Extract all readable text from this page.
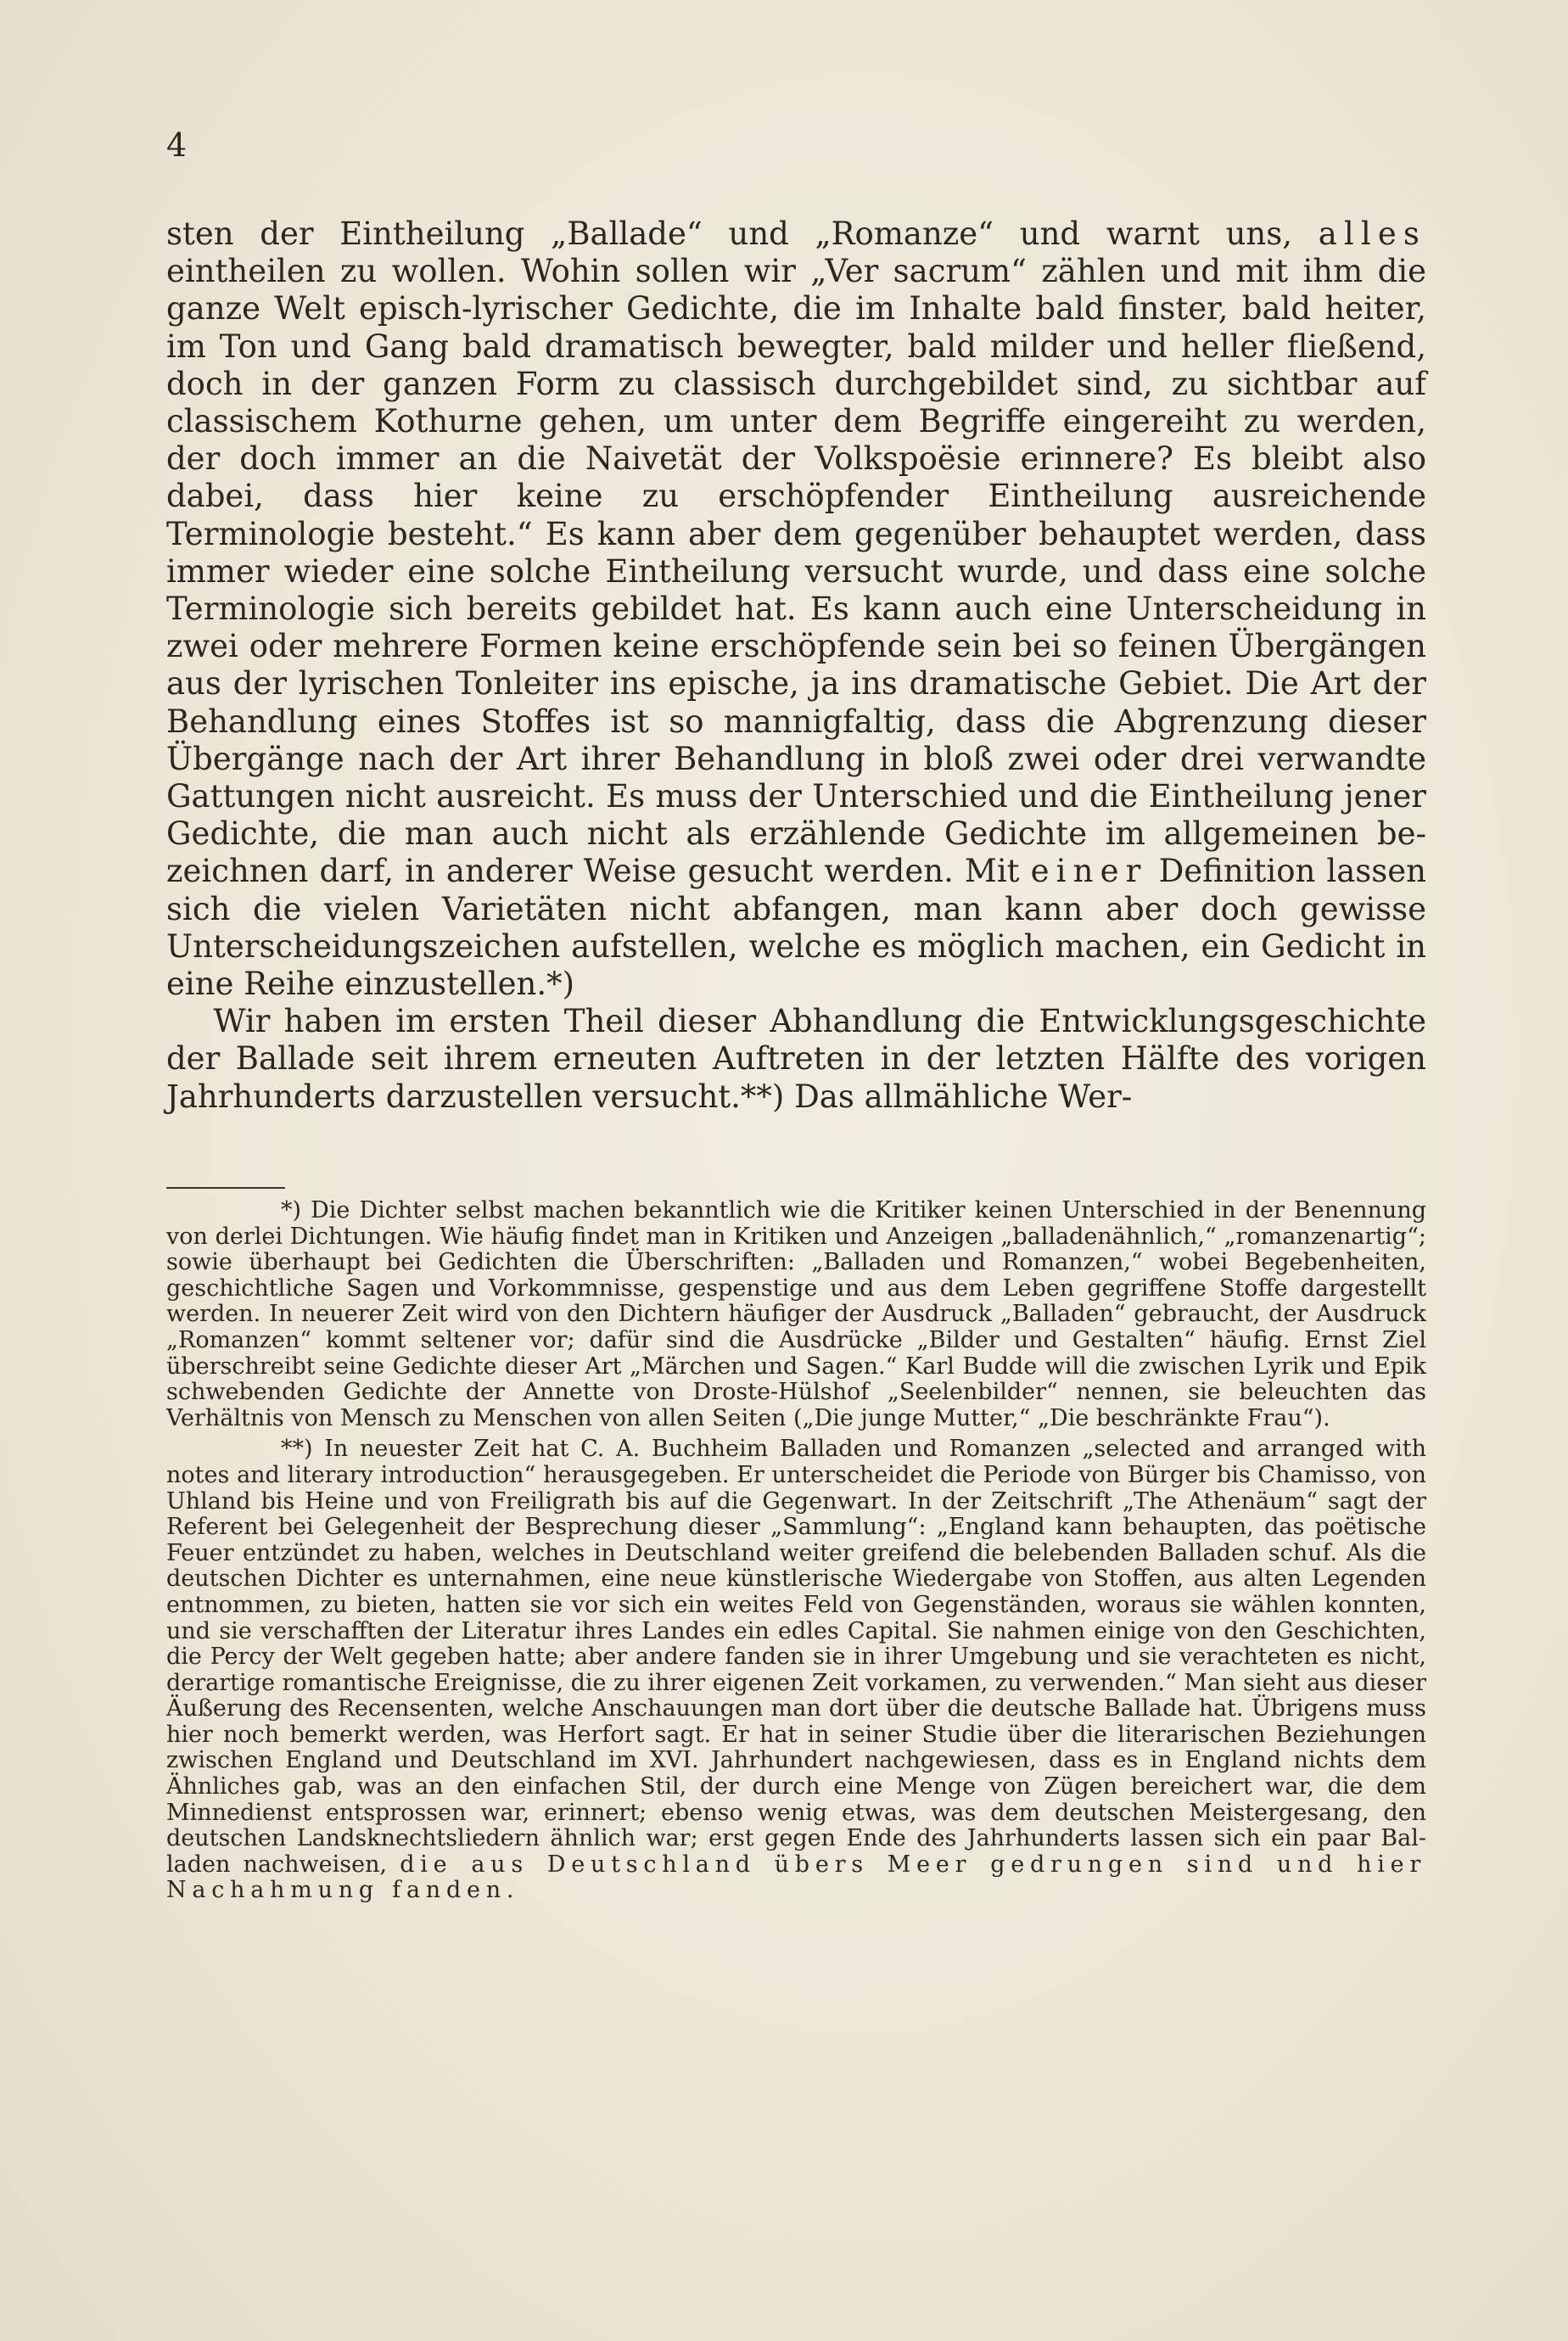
4

sten der Eintheilung „Ballade“ und „Romanze“ und warnt uns, alles eintheilen zu wollen. Wohin sollen wir „Ver sacrum“ zählen und mit ihm die ganze Welt episch-lyrischer Gedichte, die im Inhalte bald finster, bald heiter, im Ton und Gang bald dramatisch bewegter, bald milder und heller fließend, doch in der ganzen Form zu classisch durchgebildet sind, zu sichtbar auf classischem Kothurne gehen, um unter dem Begriffe eingereiht zu werden, der doch immer an die Naivetät der Volkspoësie erinnere? Es bleibt also dabei, dass hier keine zu erschöpfender Eintheilung ausreichende Terminologie besteht.“ Es kann aber dem gegenüber behauptet werden, dass immer wieder eine solche Eintheilung versucht wurde, und dass eine solche Terminologie sich bereits gebildet hat. Es kann auch eine Unterscheidung in zwei oder mehrere Formen keine erschöpfende sein bei so feinen Übergängen aus der lyrischen Tonleiter ins epische, ja ins dramatische Gebiet. Die Art der Behandlung eines Stoffes ist so mannigfaltig, dass die Abgrenzung dieser Übergänge nach der Art ihrer Behandlung in bloß zwei oder drei verwandte Gattungen nicht ausreicht. Es muss der Unterschied und die Eintheilung jener Gedichte, die man auch nicht als erzählende Gedichte im allgemeinen bezeichnen darf, in anderer Weise gesucht werden. Mit einer Definition lassen sich die vielen Varietäten nicht abfangen, man kann aber doch gewisse Unterscheidungszeichen aufstellen, welche es möglich machen, ein Gedicht in eine Reihe einzustellen.*)

Wir haben im ersten Theil dieser Abhandlung die Entwicklungsgeschichte der Ballade seit ihrem erneuten Auftreten in der letzten Hälfte des vorigen Jahrhunderts darzustellen versucht.**) Das allmähliche Wer-

*) Die Dichter selbst machen bekanntlich wie die Kritiker keinen Unterschied in der Benennung von derlei Dichtungen. Wie häufig findet man in Kritiken und Anzeigen „balladenähnlich,“ „romanzenartig“; sowie überhaupt bei Gedichten die Überschriften: „Balladen und Romanzen,“ wobei Begebenheiten, geschichtliche Sagen und Vorkommnisse, gespenstige und aus dem Leben gegriffene Stoffe dargestellt werden. In neuerer Zeit wird von den Dichtern häufiger der Ausdruck „Balladen“ gebraucht, der Ausdruck „Romanzen“ kommt seltener vor; dafür sind die Ausdrücke „Bilder und Gestalten“ häufig. Ernst Ziel überschreibt seine Gedichte dieser Art „Märchen und Sagen.“ Karl Budde will die zwischen Lyrik und Epik schwebenden Gedichte der Annette von Droste-Hülshof „Seelenbilder“ nennen, sie beleuchten das Verhältnis von Mensch zu Menschen von allen Seiten („Die junge Mutter,“ „Die beschränkte Frau“).

**) In neuester Zeit hat C. A. Buchheim Balladen und Romanzen „selected and arranged with notes and literary introduction“ herausgegeben. Er unterscheidet die Periode von Bürger bis Chamisso, von Uhland bis Heine und von Freiligrath bis auf die Gegenwart. In der Zeitschrift „The Athenäum“ sagt der Referent bei Gelegenheit der Besprechung dieser „Sammlung“: „England kann behaupten, das poëtische Feuer entzündet zu haben, welches in Deutschland weiter greifend die belebenden Balladen schuf. Als die deutschen Dichter es unternahmen, eine neue künstlerische Wiedergabe von Stoffen, aus alten Legenden entnommen, zu bieten, hatten sie vor sich ein weites Feld von Gegenständen, woraus sie wählen konnten, und sie verschafften der Literatur ihres Landes ein edles Capital. Sie nahmen einige von den Geschichten, die Percy der Welt gegeben hatte; aber andere fanden sie in ihrer Umgebung und sie verachteten es nicht, derartige romantische Ereignisse, die zu ihrer eigenen Zeit vorkamen, zu verwenden.“ Man sieht aus dieser Äußerung des Recensenten, welche Anschauungen man dort über die deutsche Ballade hat. Übrigens muss hier noch bemerkt werden, was Herfort sagt. Er hat in seiner Studie über die literarischen Beziehungen zwischen England und Deutschland im XVI. Jahrhundert nachgewiesen, dass es in England nichts dem Ähnliches gab, was an den einfachen Stil, der durch eine Menge von Zügen bereichert war, die dem Minnedienst entsprossen war, erinnert; ebenso wenig etwas, was dem deutschen Meistergesang, den deutschen Landsknechtsliedern ähnlich war; erst gegen Ende des Jahrhunderts lassen sich ein paar Balladen nachweisen, die aus Deutschland übers Meer gedrungen sind und hier Nachahmung fanden.
